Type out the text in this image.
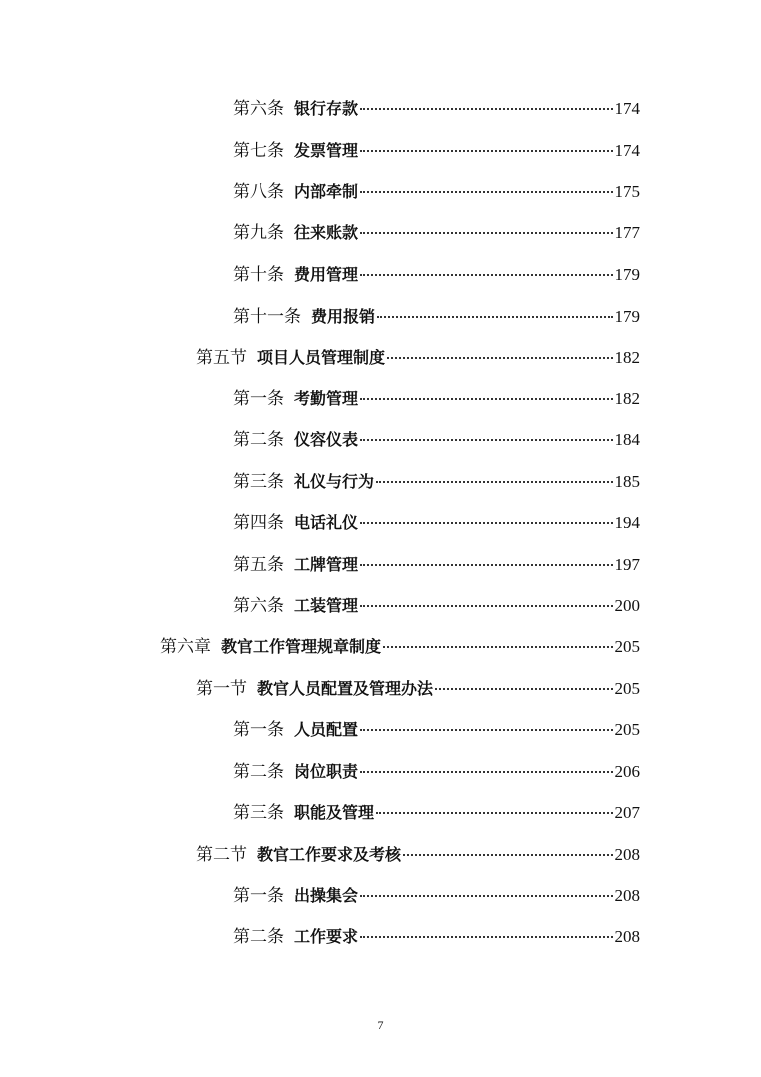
第六条 银行存款	174
第七条 发票管理	174
第八条 内部牵制	175
第九条 往来账款	177
第十条 费用管理	179
第十一条 费用报销	179
第五节 项目人员管理制度	182
第一条 考勤管理	182
第二条 仪容仪表	184
第三条 礼仪与行为	185
第四条 电话礼仪	194
第五条 工牌管理	197
第六条 工装管理	200
第六章 教官工作管理规章制度	205
第一节 教官人员配置及管理办法	205
第一条 人员配置	205
第二条 岗位职责	206
第三条 职能及管理	207
第二节 教官工作要求及考核	208
第一条 出操集会	208
第二条 工作要求	208
7
